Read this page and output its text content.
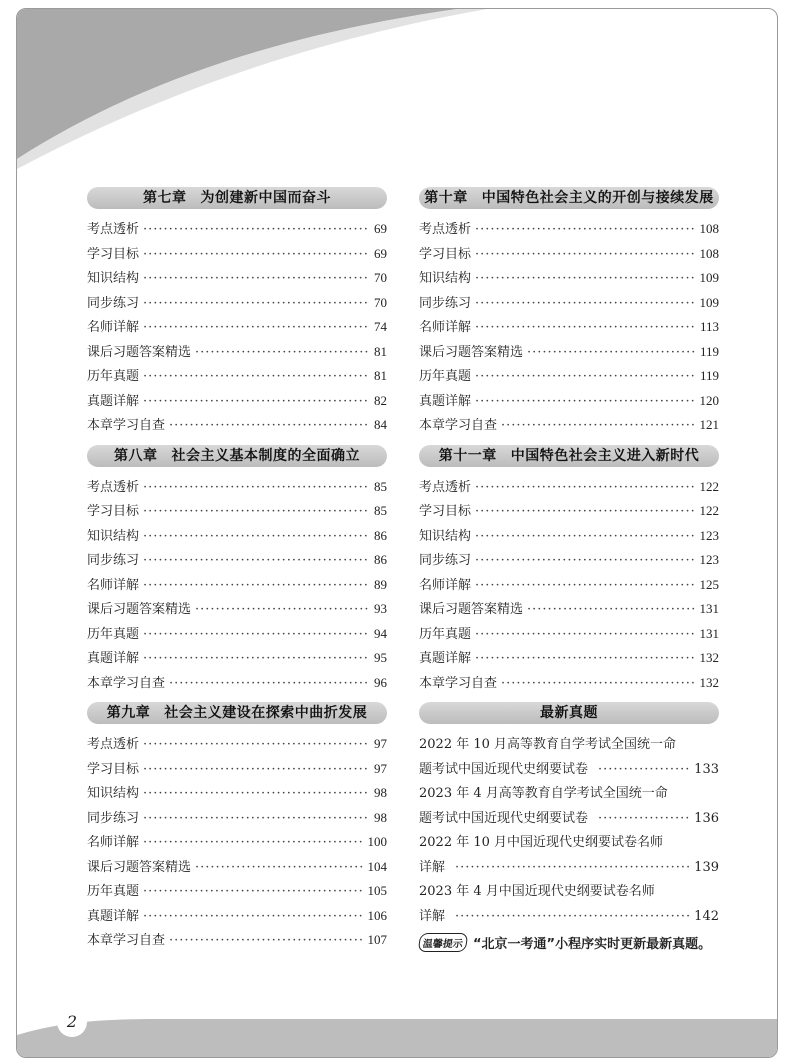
第七章 为创建新中国而奋斗
考点透析 ·····	69
学习目标 ·····	69
知识结构 ·····	70
同步练习 ·····	70
名师详解 ·····	74
课后习题答案精选 ·····	81
历年真题 ·····	81
真题详解 ·····	82
本章学习自查 ·····	84
第八章 社会主义基本制度的全面确立
考点透析 ·····	85
学习目标 ·····	85
知识结构 ·····	86
同步练习 ·····	86
名师详解 ·····	89
课后习题答案精选 ·····	93
历年真题 ·····	94
真题详解 ·····	95
本章学习自查 ·····	96
第九章 社会主义建设在探索中曲折发展
考点透析 ·····	97
学习目标 ·····	97
知识结构 ·····	98
同步练习 ·····	98
名师详解 ·····	100
课后习题答案精选 ·····	104
历年真题 ·····	105
真题详解 ·····	106
本章学习自查 ·····	107
第十章 中国特色社会主义的开创与接续发展
考点透析 ·····	108
学习目标 ·····	108
知识结构 ·····	109
同步练习 ·····	109
名师详解 ·····	113
课后习题答案精选 ·····	119
历年真题 ·····	119
真题详解 ·····	120
本章学习自查 ·····	121
第十一章 中国特色社会主义进入新时代
考点透析 ·····	122
学习目标 ·····	122
知识结构 ·····	123
同步练习 ·····	123
名师详解 ·····	125
课后习题答案精选 ·····	131
历年真题 ·····	131
真题详解 ·····	132
本章学习自查 ·····	132
最新真题
2022 年 10 月高等教育自学考试全国统一命
题考试中国近现代史纲要试卷 ·····	133
2023 年 4 月高等教育自学考试全国统一命
题考试中国近现代史纲要试卷 ·····	136
2022 年 10 月中国近现代史纲要试卷名师
详解 ·····	139
2023 年 4 月中国近现代史纲要试卷名师
详解 ·····	142
温馨提示 “北京一考通”小程序实时更新最新真题。
2
